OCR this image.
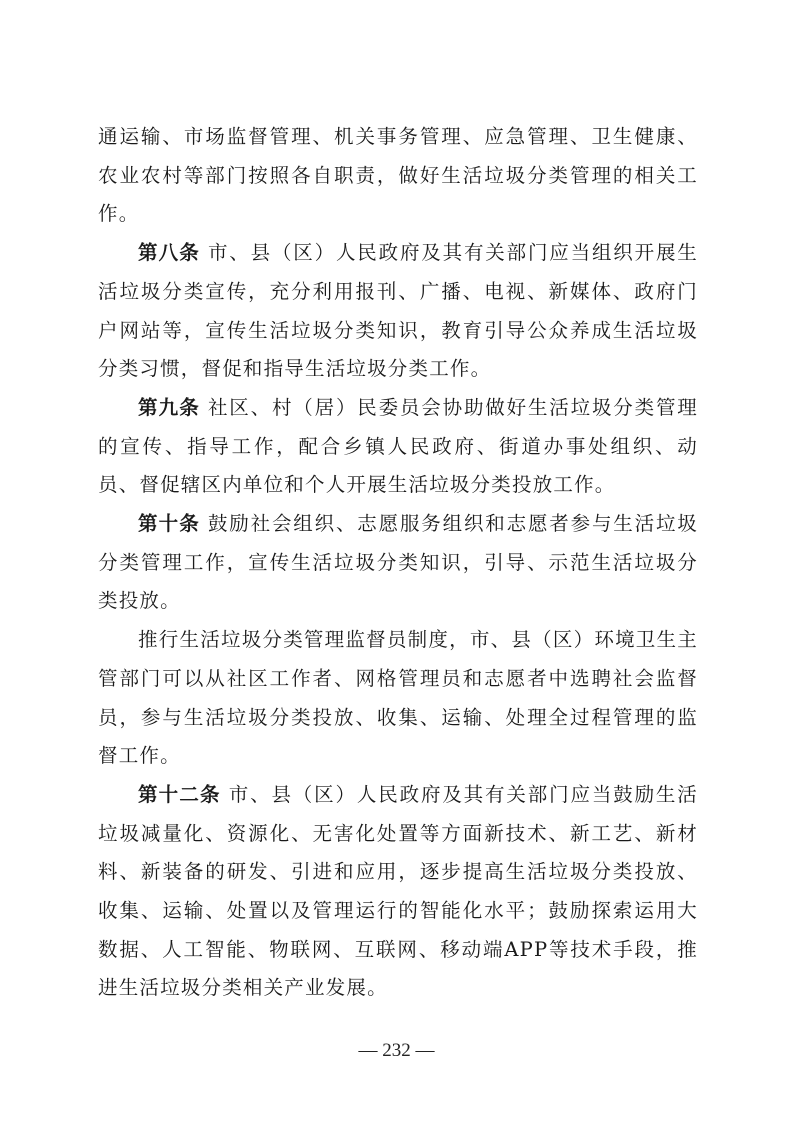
通运输、市场监督管理、机关事务管理、应急管理、卫生健康、农业农村等部门按照各自职责，做好生活垃圾分类管理的相关工作。

第八条 市、县（区）人民政府及其有关部门应当组织开展生活垃圾分类宣传，充分利用报刊、广播、电视、新媒体、政府门户网站等，宣传生活垃圾分类知识，教育引导公众养成生活垃圾分类习惯，督促和指导生活垃圾分类工作。

第九条 社区、村（居）民委员会协助做好生活垃圾分类管理的宣传、指导工作，配合乡镇人民政府、街道办事处组织、动员、督促辖区内单位和个人开展生活垃圾分类投放工作。

第十条 鼓励社会组织、志愿服务组织和志愿者参与生活垃圾分类管理工作，宣传生活垃圾分类知识，引导、示范生活垃圾分类投放。

推行生活垃圾分类管理监督员制度，市、县（区）环境卫生主管部门可以从社区工作者、网格管理员和志愿者中选聘社会监督员，参与生活垃圾分类投放、收集、运输、处理全过程管理的监督工作。

第十二条 市、县（区）人民政府及其有关部门应当鼓励生活垃圾减量化、资源化、无害化处置等方面新技术、新工艺、新材料、新装备的研发、引进和应用，逐步提高生活垃圾分类投放、收集、运输、处置以及管理运行的智能化水平；鼓励探索运用大数据、人工智能、物联网、互联网、移动端APP等技术手段，推进生活垃圾分类相关产业发展。

— 232 —
